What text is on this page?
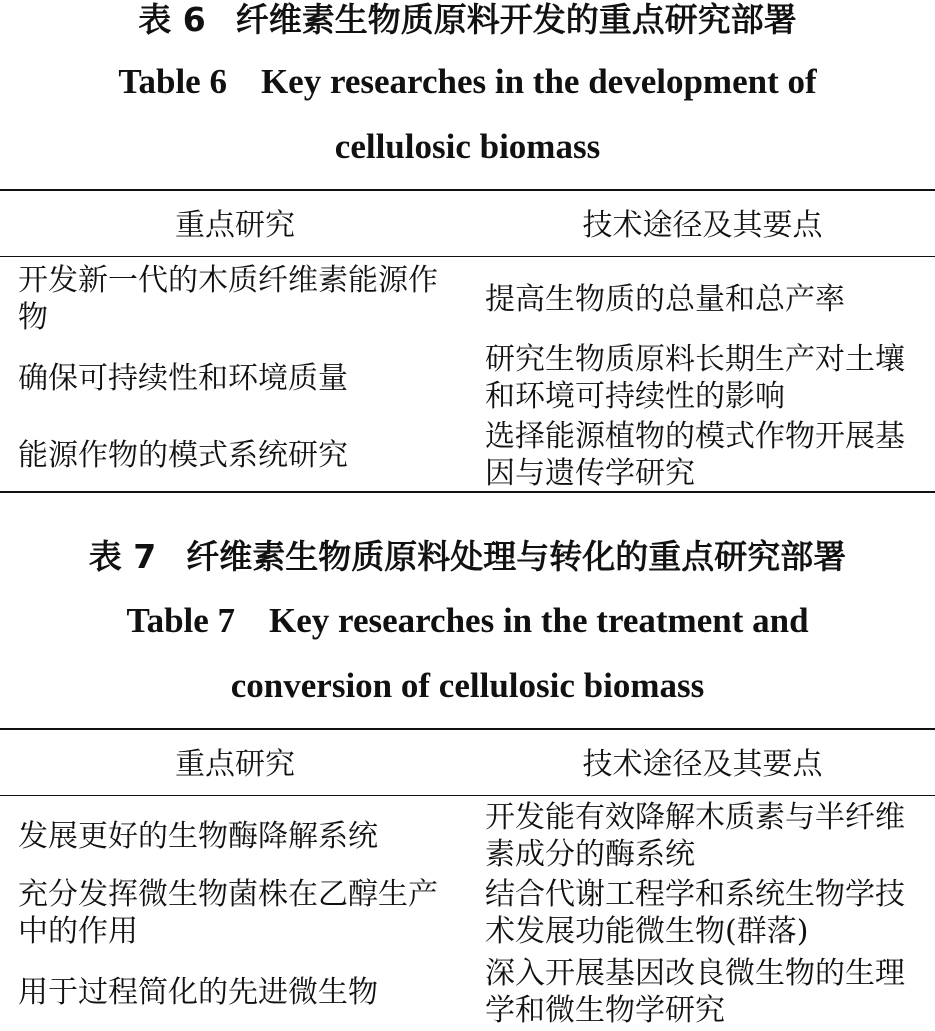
表 6 纤维素生物质原料开发的重点研究部署
Table 6 Key researches in the development of
cellulosic biomass
重点研究	技术途径及其要点
开发新一代的木质纤维素能源作物
提高生物质的总量和总产率
确保可持续性和环境质量
研究生物质原料长期生产对土壤和环境可持续性的影响
能源作物的模式系统研究
选择能源植物的模式作物开展基因与遗传学研究
表 7 纤维素生物质原料处理与转化的重点研究部署
Table 7 Key researches in the treatment and
conversion of cellulosic biomass
重点研究	技术途径及其要点
发展更好的生物酶降解系统
开发能有效降解木质素与半纤维素成分的酶系统
充分发挥微生物菌株在乙醇生产中的作用
结合代谢工程学和系统生物学技术发展功能微生物(群落)
用于过程简化的先进微生物
深入开展基因改良微生物的生理学和微生物学研究
